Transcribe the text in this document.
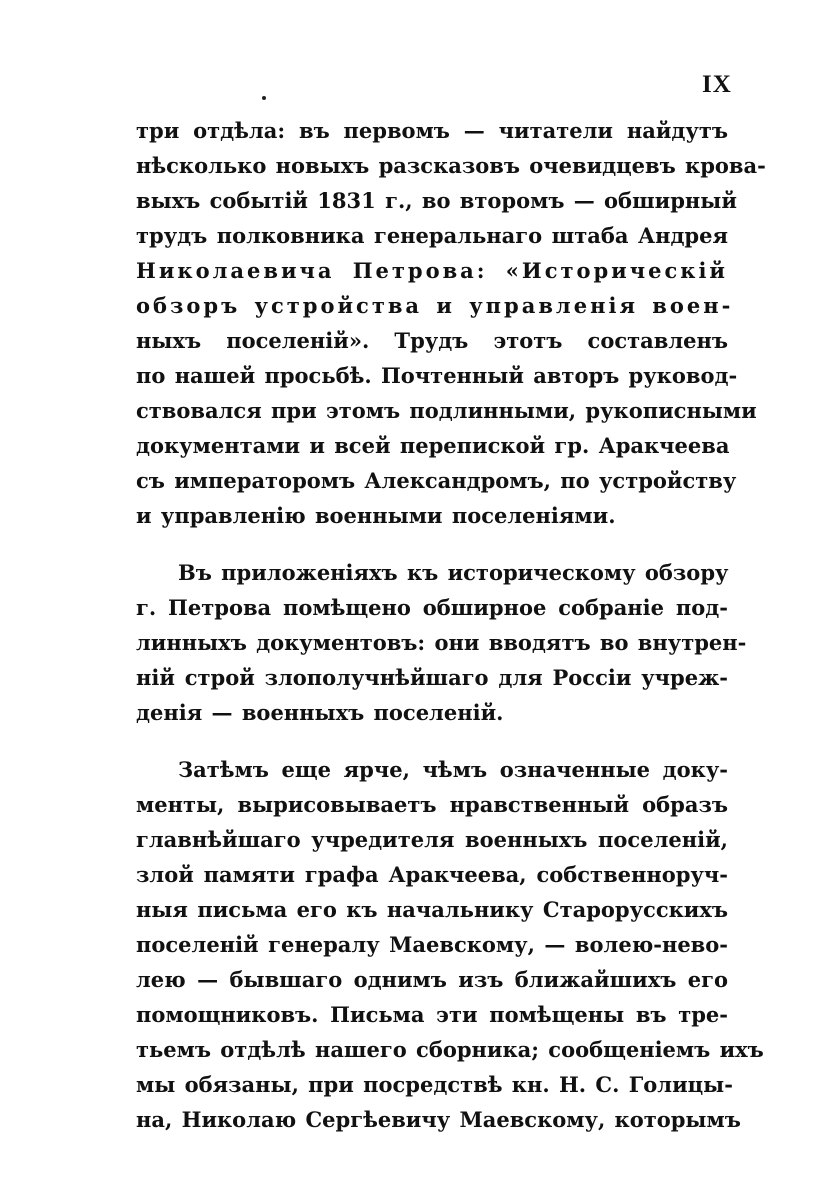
IX

три отдѣла: въ первомъ — читатели найдутъ
нѣсколько новыхъ разсказовъ очевидцевъ крова-
выхъ событій 1831 г., во второмъ — обширный
трудъ полковника генеральнаго штаба Андрея
Николаевича Петрова: «Историческій
обзоръ устройства и управленія воен-
ныхъ поселеній». Трудъ этотъ составленъ
по нашей просьбѣ. Почтенный авторъ руковод-
ствовался при этомъ подлинными, рукописными
документами и всей перепиской гр. Аракчеева
съ императоромъ Александромъ, по устройству
и управленію военными поселеніями.

Въ приложеніяхъ къ историческому обзору
г. Петрова помѣщено обширное собраніе под-
линныхъ документовъ: они вводятъ во внутрен-
ній строй злополучнѣйшаго для Россіи учреж-
денія — военныхъ поселеній.

Затѣмъ еще ярче, чѣмъ означенные доку-
менты, вырисовываетъ нравственный образъ
главнѣйшаго учредителя военныхъ поселеній,
злой памяти графа Аракчеева, собственноруч-
ныя письма его къ начальнику Старорусскихъ
поселеній генералу Маевскому, — волею-нево-
лею — бывшаго однимъ изъ ближайшихъ его
помощниковъ. Письма эти помѣщены въ тре-
тьемъ отдѣлѣ нашего сборника; сообщеніемъ ихъ
мы обязаны, при посредствѣ кн. Н. С. Голицы-
на, Николаю Сергѣевичу Маевскому, которымъ
